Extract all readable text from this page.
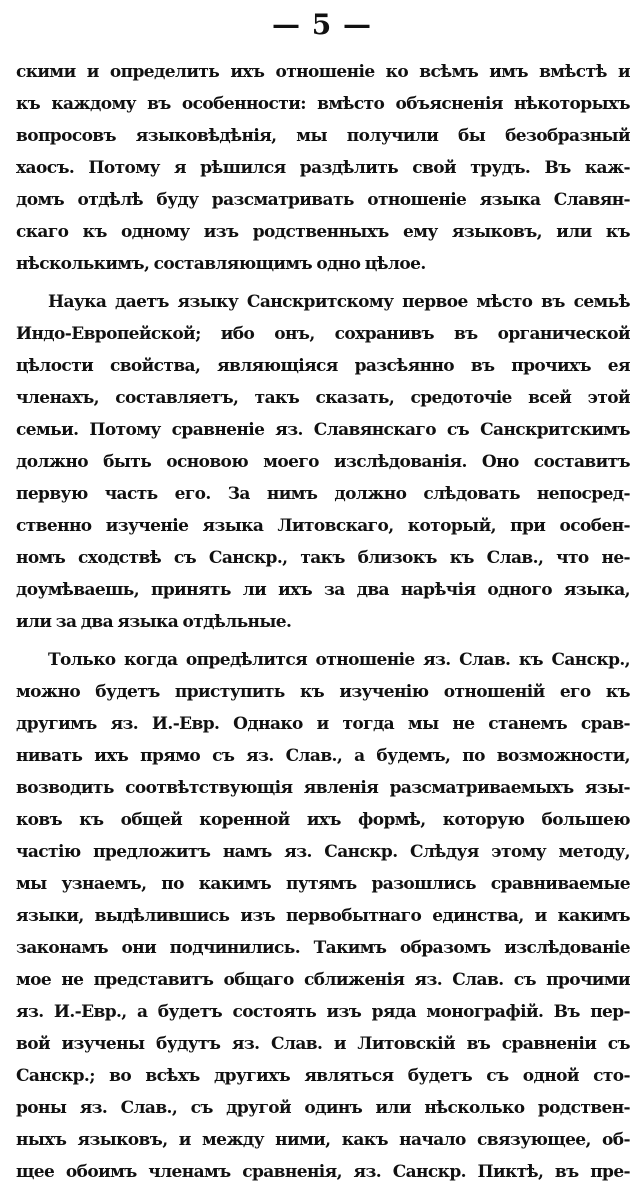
— 5 —
скими и определить ихъ отношеніе ко всѣмъ имъ вмѣстѣ и
къ каждому въ особенности: вмѣсто объясненія нѣкоторыхъ
вопросовъ языковѣдѣнія, мы получили бы безобразный
хаосъ. Потому я рѣшился раздѣлить свой трудъ. Въ каж-
домъ отдѣлѣ буду разсматривать отношеніе языка Славян-
скаго къ одному изъ родственныхъ ему языковъ, или къ
нѣсколькимъ, составляющимъ одно цѣлое.
Наука даетъ языку Санскритскому первое мѣсто въ семьѣ
Индо-Европейской; ибо онъ, сохранивъ въ органической
цѣлости свойства, являющіяся разсѣянно въ прочихъ ея
членахъ, составляетъ, такъ сказать, средоточіе всей этой
семьи. Потому сравненіе яз. Славянскаго съ Санскритскимъ
должно быть основою моего изслѣдованія. Оно составитъ
первую часть его. За нимъ должно слѣдовать непосред-
ственно изученіе языка Литовскаго, который, при особен-
номъ сходствѣ съ Санскр., такъ близокъ къ Слав., что не-
доумѣваешь, принять ли ихъ за два нарѣчія одного языка,
или за два языка отдѣльные.
Только когда опредѣлится отношеніе яз. Слав. къ Санскр.,
можно будетъ приступить къ изученію отношеній его къ
другимъ яз. И.-Евр. Однако и тогда мы не станемъ срав-
нивать ихъ прямо съ яз. Слав., а будемъ, по возможности,
возводить соотвѣтствующія явленія разсматриваемыхъ язы-
ковъ къ общей коренной ихъ формѣ, которую большею
частію предложитъ намъ яз. Санскр. Слѣдуя этому методу,
мы узнаемъ, по какимъ путямъ разошлись сравниваемые
языки, выдѣлившись изъ первобытнаго единства, и какимъ
законамъ они подчинились. Такимъ образомъ изслѣдованіе
мое не представитъ общаго сближенія яз. Слав. съ прочими
яз. И.-Евр., а будетъ состоять изъ ряда монографій. Въ пер-
вой изучены будутъ яз. Слав. и Литовскій въ сравненіи съ
Санскр.; во всѣхъ другихъ являться будетъ съ одной сто-
роны яз. Слав., съ другой одинъ или нѣсколько родствен-
ныхъ языковъ, и между ними, какъ начало связующее, об-
щее обоимъ членамъ сравненія, яз. Санскр. Пиктѣ, въ пре-
